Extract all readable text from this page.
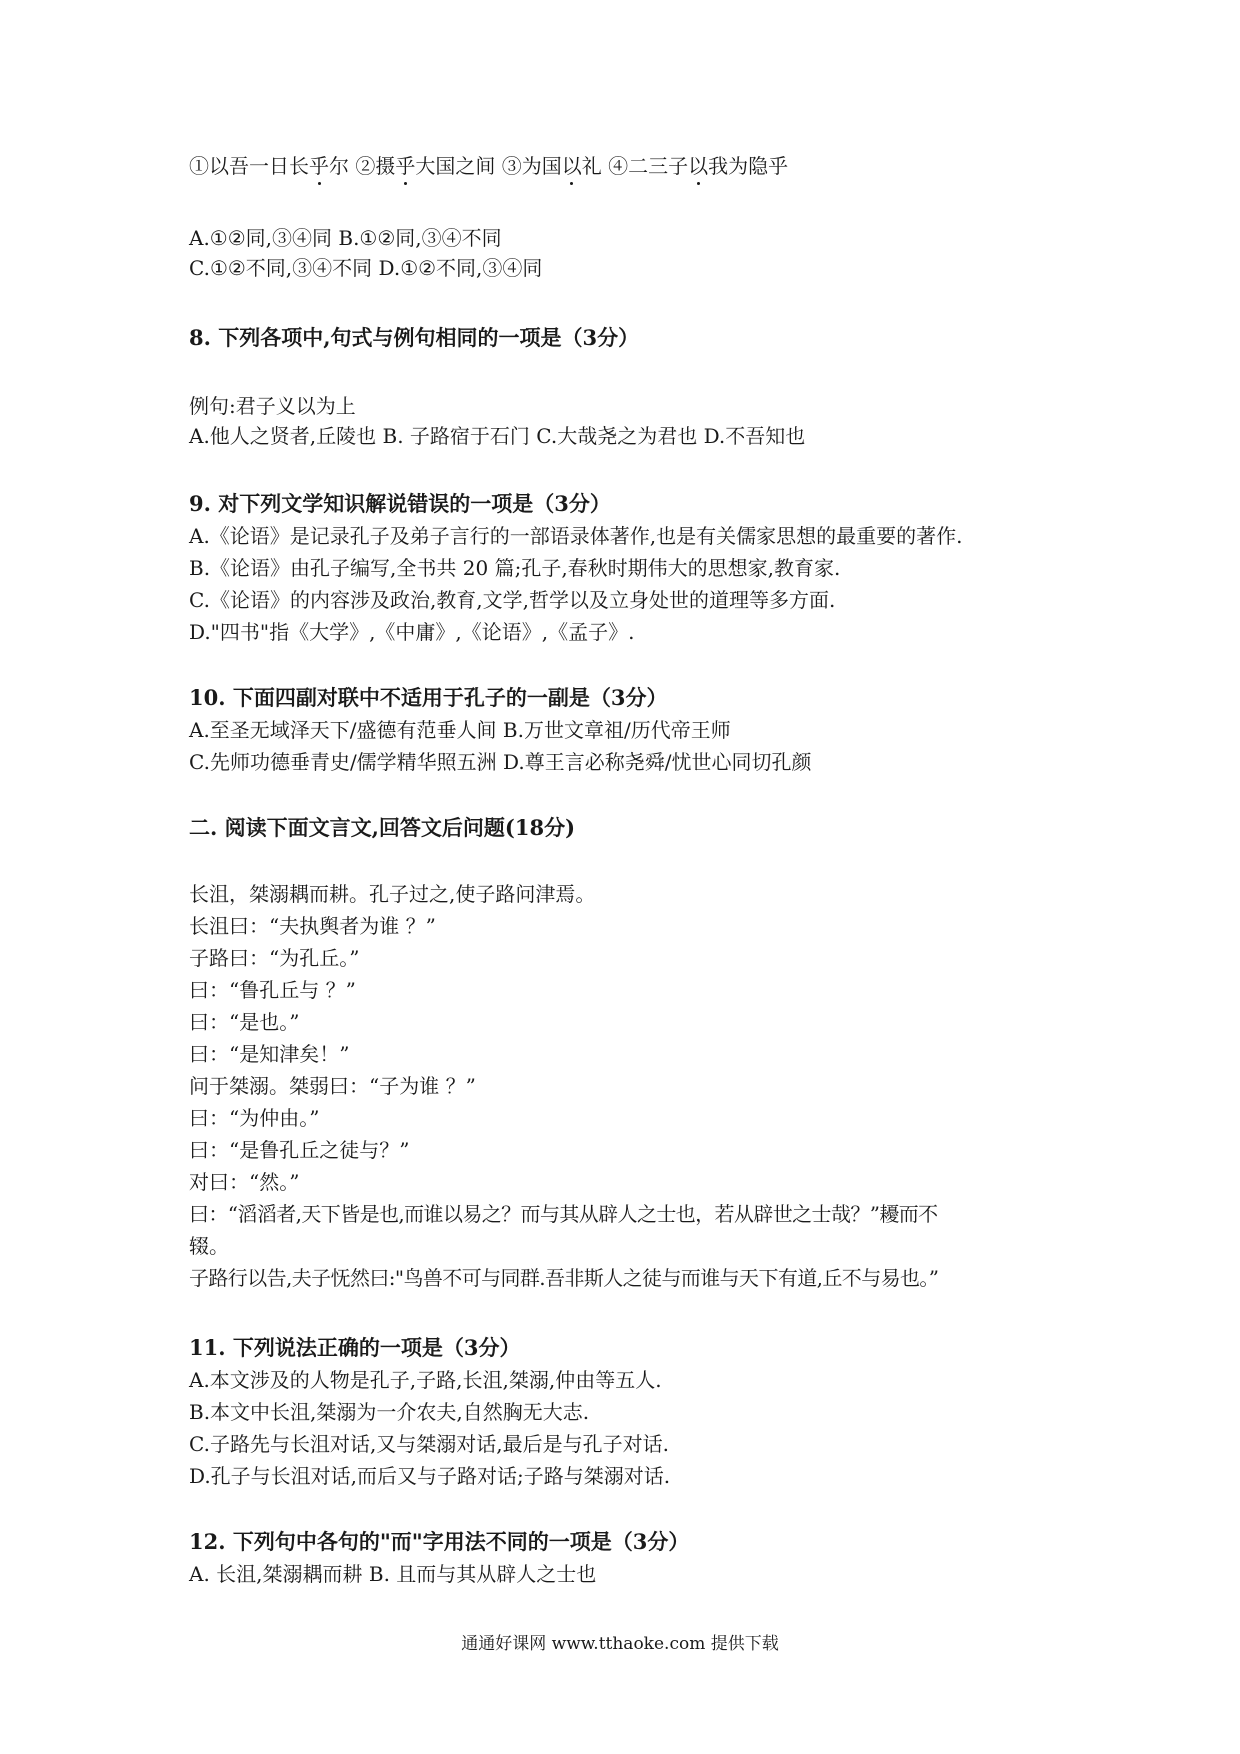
①以吾一日长乎尔 ②摄乎大国之间 ③为国以礼 ④二三子以我为隐乎
A.①②同,③④同 B.①②同,③④不同
C.①②不同,③④不同 D.①②不同,③④同
8. 下列各项中,句式与例句相同的一项是（3分）
例句:君子义以为上
A.他人之贤者,丘陵也 B. 子路宿于石门 C.大哉尧之为君也 D.不吾知也
9. 对下列文学知识解说错误的一项是（3分）
A.《论语》是记录孔子及弟子言行的一部语录体著作,也是有关儒家思想的最重要的著作.
B.《论语》由孔子编写,全书共 20 篇;孔子,春秋时期伟大的思想家,教育家.
C.《论语》的内容涉及政治,教育,文学,哲学以及立身处世的道理等多方面.
D."四书"指《大学》,《中庸》,《论语》,《孟子》.
10. 下面四副对联中不适用于孔子的一副是（3分）
A.至圣无域泽天下/盛德有范垂人间 B.万世文章祖/历代帝王师
C.先师功德垂青史/儒学精华照五洲 D.尊王言必称尧舜/忧世心同切孔颜
二. 阅读下面文言文,回答文后问题(18分)
长沮，桀溺耦而耕。孔子过之,使子路问津焉。
长沮曰：“夫执舆者为谁 ？”
子路曰：“为孔丘。”
曰：“鲁孔丘与 ？”
曰：“是也。”
曰：“是知津矣！”
问于桀溺。桀弱曰：“子为谁 ？”
曰：“为仲由。”
曰：“是鲁孔丘之徒与？”
对曰：“然。”
曰：“滔滔者,天下皆是也,而谁以易之？而与其从辟人之士也，若从辟世之士哉？”耰而不
辍。
子路行以告,夫子怃然曰:"鸟兽不可与同群.吾非斯人之徒与而谁与天下有道,丘不与易也。”
11. 下列说法正确的一项是（3分）
A.本文涉及的人物是孔子,子路,长沮,桀溺,仲由等五人.
B.本文中长沮,桀溺为一介农夫,自然胸无大志.
C.子路先与长沮对话,又与桀溺对话,最后是与孔子对话.
D.孔子与长沮对话,而后又与子路对话;子路与桀溺对话.
12. 下列句中各句的"而"字用法不同的一项是（3分）
A. 长沮,桀溺耦而耕 B. 且而与其从辟人之士也
通通好课网 www.tthaoke.com 提供下载
